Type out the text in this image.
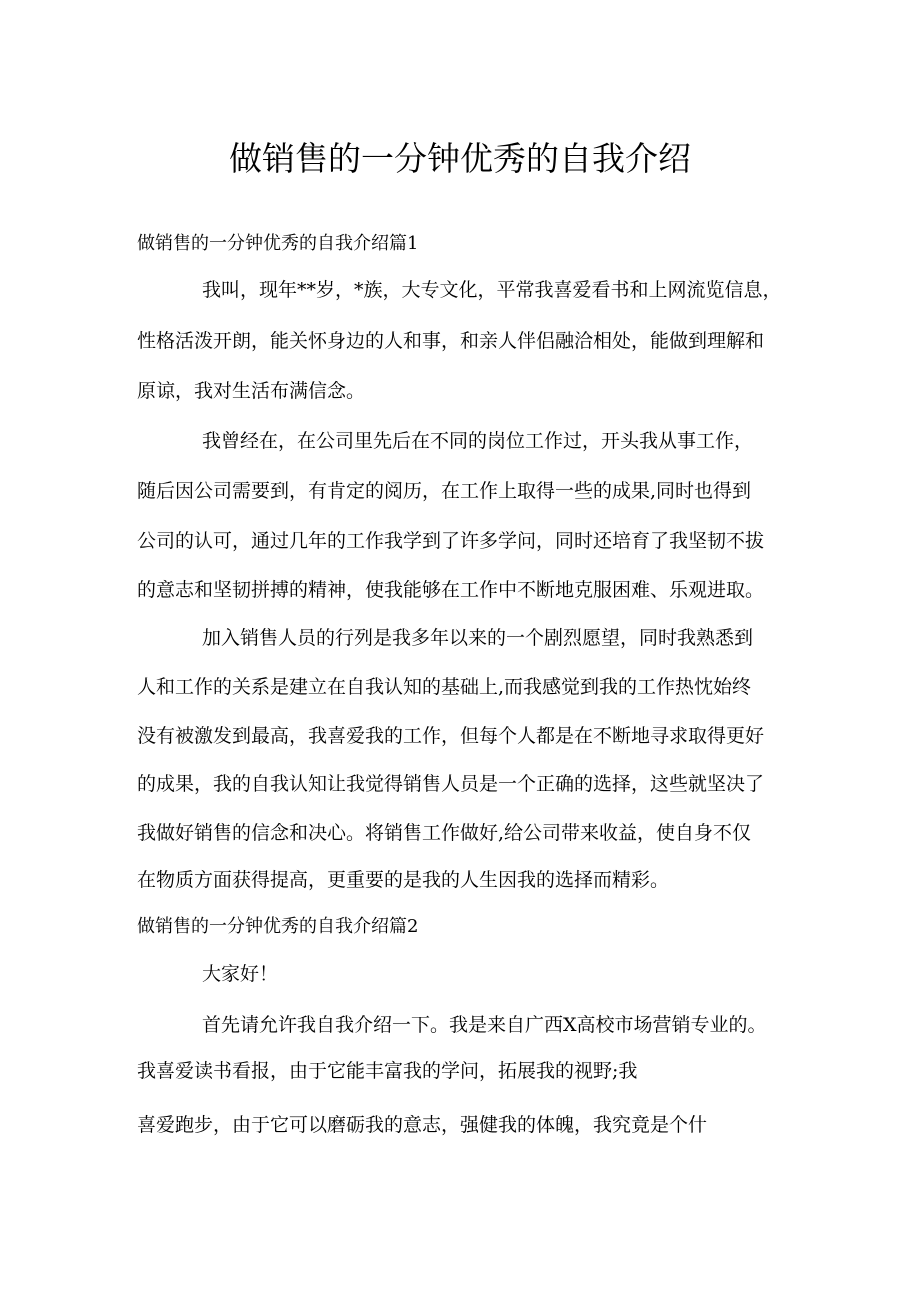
做销售的一分钟优秀的自我介绍

做销售的一分钟优秀的自我介绍篇1

我叫，现年**岁，*族，大专文化，平常我喜爱看书和上网流览信息，

性格活泼开朗，能关怀身边的人和事，和亲人伴侣融洽相处，能做到理解和

原谅，我对生活布满信念。

我曾经在，在公司里先后在不同的岗位工作过，开头我从事工作，

随后因公司需要到，有肯定的阅历，在工作上取得一些的成果,同时也得到

公司的认可，通过几年的工作我学到了许多学问，同时还培育了我坚韧不拔

的意志和坚韧拼搏的精神，使我能够在工作中不断地克服困难、乐观进取。

加入销售人员的行列是我多年以来的一个剧烈愿望，同时我熟悉到

人和工作的关系是建立在自我认知的基础上,而我感觉到我的工作热忱始终

没有被激发到最高，我喜爱我的工作，但每个人都是在不断地寻求取得更好

的成果，我的自我认知让我觉得销售人员是一个正确的选择，这些就坚决了

我做好销售的信念和决心。将销售工作做好,给公司带来收益，使自身不仅

在物质方面获得提高，更重要的是我的人生因我的选择而精彩。

做销售的一分钟优秀的自我介绍篇2

大家好！

首先请允许我自我介绍一下。我是来自广西X高校市场营销专业的。

我喜爱读书看报，由于它能丰富我的学问，拓展我的视野;我

喜爱跑步，由于它可以磨砺我的意志，强健我的体魄，我究竟是个什
